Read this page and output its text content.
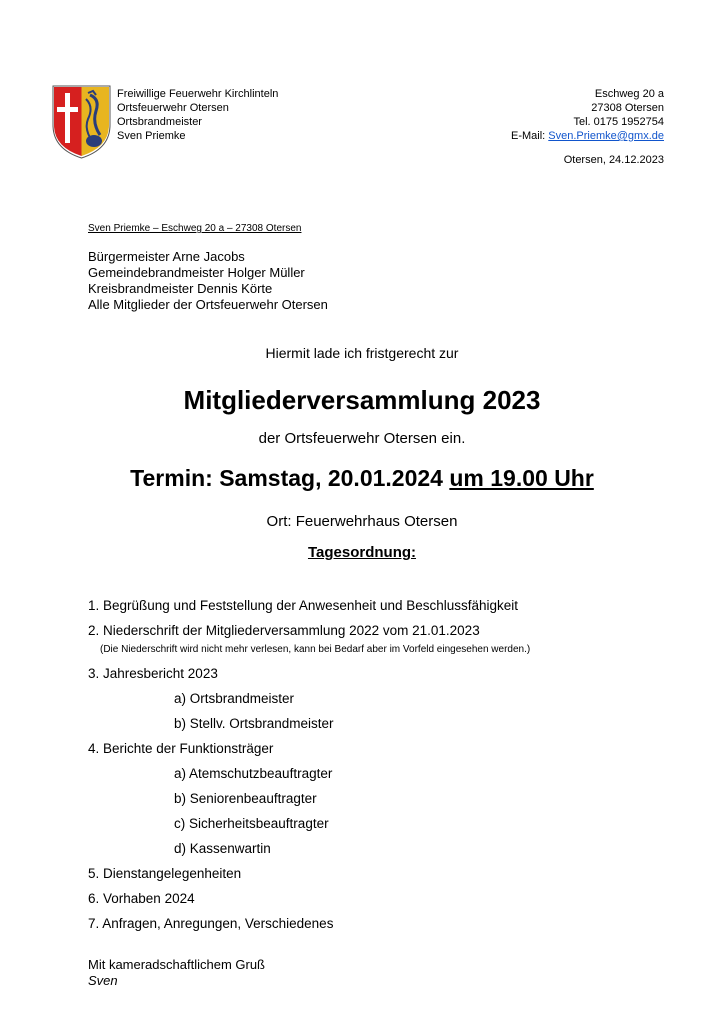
Freiwillige Feuerwehr Kirchlinteln
Ortsfeuerwehr Otersen
Ortsbrandmeister
Sven Priemke
Eschweg 20 a
27308 Otersen
Tel. 0175 1952754
E-Mail: Sven.Priemke@gmx.de
Otersen, 24.12.2023
Sven Priemke – Eschweg 20 a – 27308 Otersen
Bürgermeister Arne Jacobs
Gemeindebrandmeister Holger Müller
Kreisbrandmeister Dennis Körte
Alle Mitglieder der Ortsfeuerwehr Otersen
Hiermit lade ich fristgerecht zur
Mitgliederversammlung 2023
der Ortsfeuerwehr Otersen ein.
Termin: Samstag, 20.01.2024 um 19.00 Uhr
Ort: Feuerwehrhaus Otersen
Tagesordnung:
1. Begrüßung und Feststellung der Anwesenheit und Beschlussfähigkeit
2. Niederschrift der Mitgliederversammlung 2022 vom 21.01.2023
(Die Niederschrift wird nicht mehr verlesen, kann bei Bedarf aber im Vorfeld eingesehen werden.)
3. Jahresbericht 2023
a) Ortsbrandmeister
b) Stellv. Ortsbrandmeister
4. Berichte der Funktionsträger
a) Atemschutzbeauftragter
b) Seniorenbeauftragter
c) Sicherheitsbeauftragter
d) Kassenwartin
5. Dienstangelegenheiten
6. Vorhaben 2024
7. Anfragen, Anregungen, Verschiedenes
Mit kameradschaftlichem Gruß
Sven
